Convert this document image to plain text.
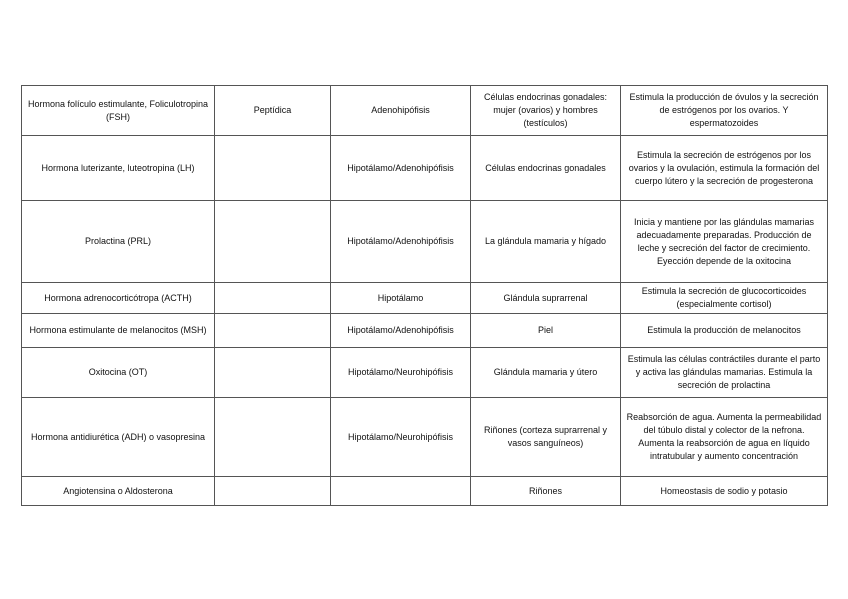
Hormona folículo estimulante, Foliculotropina (FSH)	Peptídica	Adenohipófisis	Células endocrinas gonadales: mujer (ovarios) y hombres (testículos)	Estimula la producción de óvulos y la secreción de estrógenos por los ovarios. Y espermatozoides
Hormona luterizante, luteotropina (LH)		Hipotálamo/Adenohipófisis	Células endocrinas gonadales	Estimula la secreción de estrógenos por los ovarios y la ovulación, estimula la formación del cuerpo lútero y la secreción de progesterona
Prolactina (PRL)		Hipotálamo/Adenohipófisis	La glándula mamaria y hígado	Inicia y mantiene por las glándulas mamarias adecuadamente preparadas. Producción de leche y secreción del factor de crecimiento. Eyección depende de la oxitocina
Hormona adrenocorticótropa (ACTH)		Hipotálamo	Glándula suprarrenal	Estimula la secreción de glucocorticoides (especialmente cortisol)
Hormona estimulante de melanocitos (MSH)		Hipotálamo/Adenohipófisis	Piel	Estimula la producción de melanocitos
Oxitocina (OT)		Hipotálamo/Neurohipófisis	Glándula mamaria y útero	Estimula las células contráctiles durante el parto y activa las glándulas mamarias. Estimula la secreción de prolactina
Hormona antidiurética (ADH) o vasopresina		Hipotálamo/Neurohipófisis	Riñones (corteza suprarrenal y vasos sanguíneos)	Reabsorción de agua. Aumenta la permeabilidad del túbulo distal y colector de la nefrona. Aumenta la reabsorción de agua en líquido intratubular y aumento concentración
Angiotensina o Aldosterona			Riñones	Homeostasis de sodio y potasio
